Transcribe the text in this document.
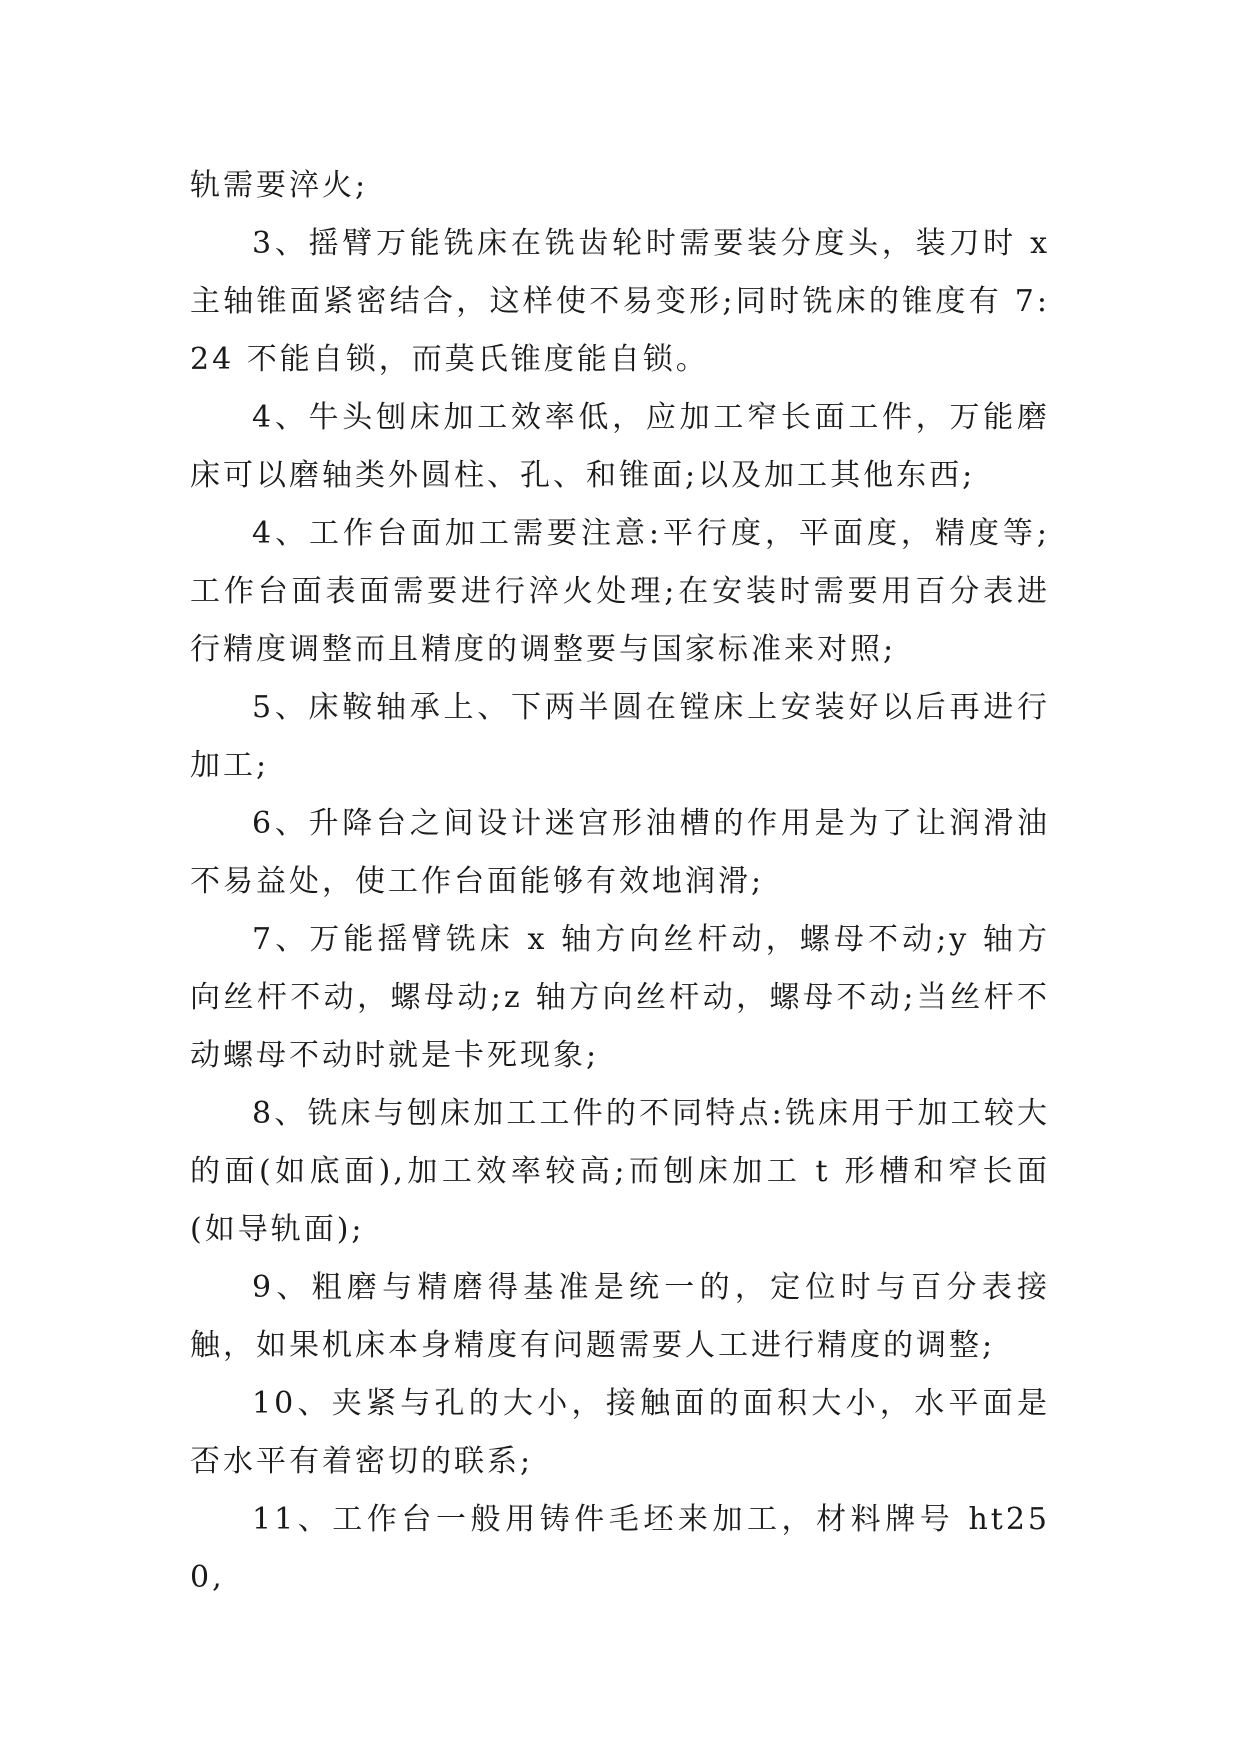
轨需要淬火;

3、摇臂万能铣床在铣齿轮时需要装分度头，装刀时 x 主轴锥面紧密结合，这样使不易变形;同时铣床的锥度有 7:24 不能自锁，而莫氏锥度能自锁。

4、牛头刨床加工效率低，应加工窄长面工件，万能磨床可以磨轴类外圆柱、孔、和锥面;以及加工其他东西;

4、工作台面加工需要注意:平行度，平面度，精度等;工作台面表面需要进行淬火处理;在安装时需要用百分表进行精度调整而且精度的调整要与国家标准来对照;

5、床鞍轴承上、下两半圆在镗床上安装好以后再进行加工;

6、升降台之间设计迷宫形油槽的作用是为了让润滑油不易益处，使工作台面能够有效地润滑;

7、万能摇臂铣床 x 轴方向丝杆动，螺母不动;y 轴方向丝杆不动，螺母动;z 轴方向丝杆动，螺母不动;当丝杆不动螺母不动时就是卡死现象;

8、铣床与刨床加工工件的不同特点:铣床用于加工较大的面(如底面),加工效率较高;而刨床加工 t 形槽和窄长面(如导轨面);

9、粗磨与精磨得基准是统一的，定位时与百分表接触，如果机床本身精度有问题需要人工进行精度的调整;

10、夹紧与孔的大小，接触面的面积大小，水平面是否水平有着密切的联系;

11、工作台一般用铸件毛坯来加工，材料牌号 ht250,
